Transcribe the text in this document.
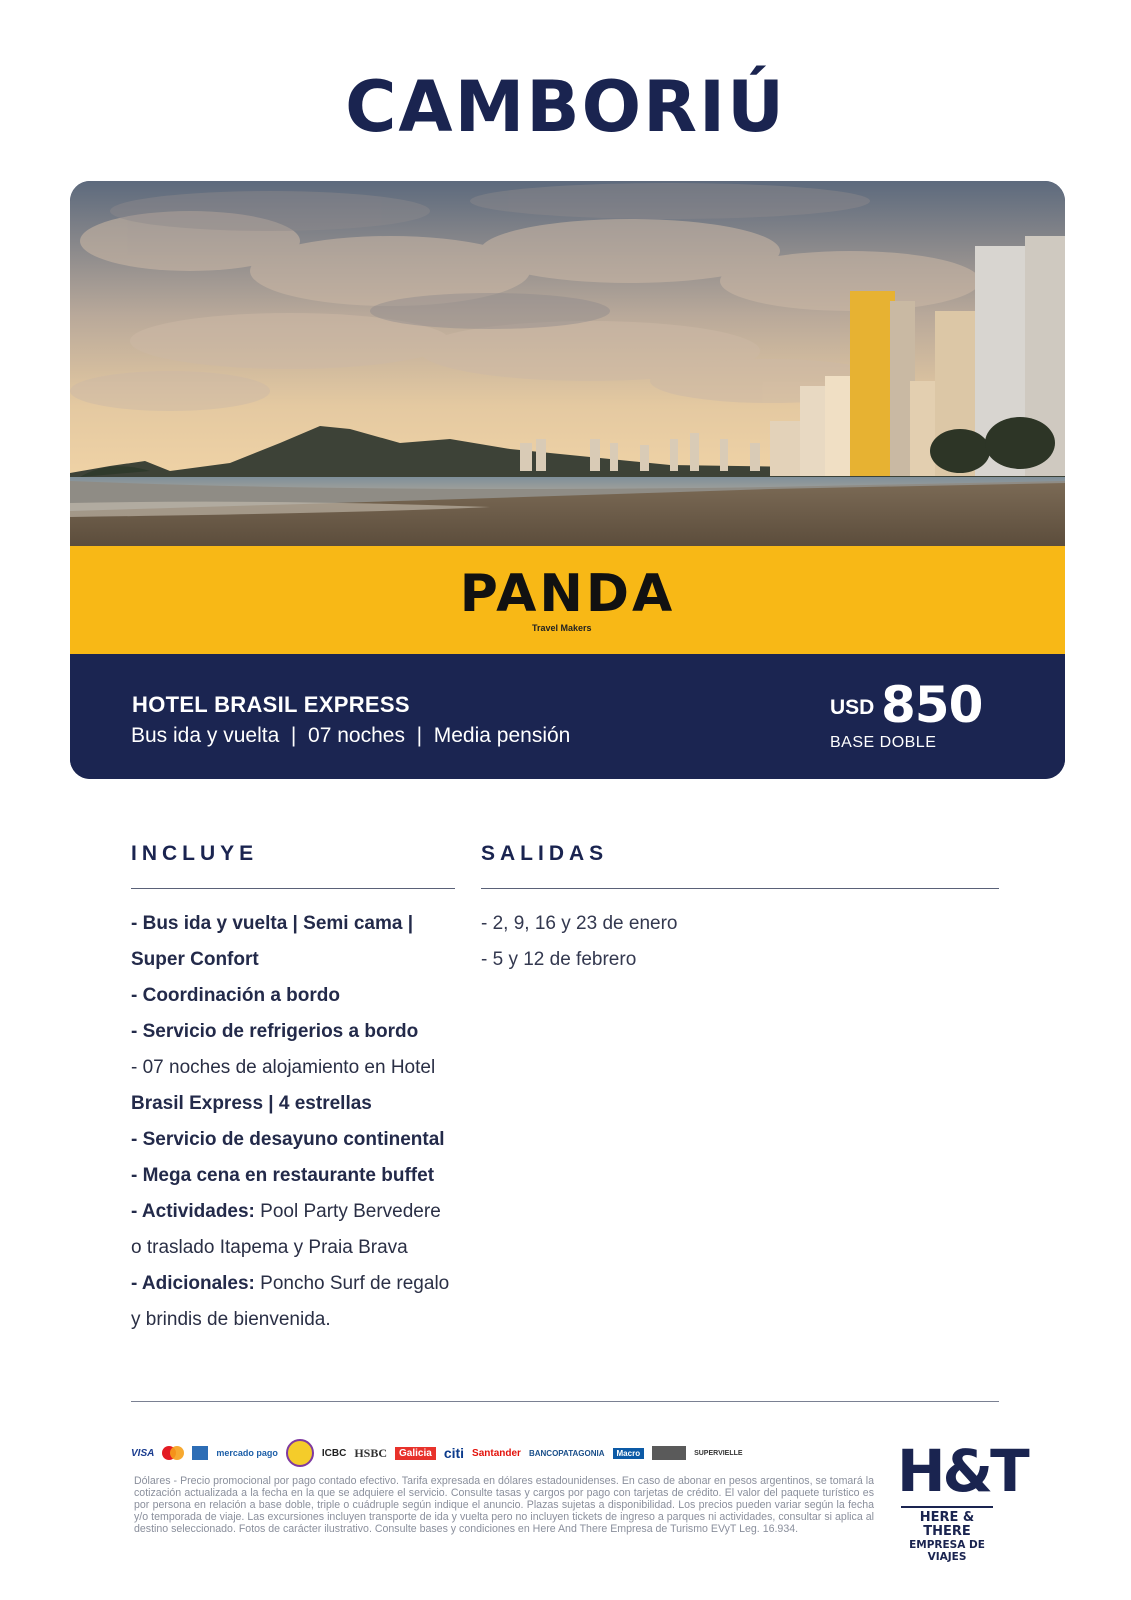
CAMBORIÚ
PANDA
Travel Makers
HOTEL BRASIL EXPRESS
Bus ida y vuelta  |  07 noches  |  Media pensión
USD 850
BASE DOBLE
INCLUYE	SALIDAS
- Bus ida y vuelta | Semi cama |
Super Confort
- Coordinación a bordo
- Servicio de refrigerios a bordo
- 07 noches de alojamiento en Hotel
Brasil Express | 4 estrellas
- Servicio de desayuno continental
- Mega cena en restaurante buffet
- Actividades: Pool Party Bervedere
o traslado Itapema y Praia Brava
- Adicionales: Poncho Surf de regalo
y brindis de bienvenida.
- 2, 9, 16 y 23 de enero
- 5 y 12 de febrero
VISA	mercado pago	ICBC HSBC	Galicia citi Santander BANCOPATAGONIA	Macro	SUPERVIELLE
Dólares - Precio promocional por pago contado efectivo. Tarifa expresada en dólares estadounidenses. En caso de abonar en pesos argentinos, se tomará la cotización actualizada a la fecha en la que se adquiere el servicio. Consulte tasas y cargos por pago con tarjetas de crédito. El valor del paquete turístico es por persona en relación a base doble, triple o cuádruple según indique el anuncio. Plazas sujetas a disponibilidad. Los precios pueden variar según la fecha y/o temporada de viaje. Las excursiones incluyen transporte de ida y vuelta pero no incluyen tickets de ingreso a parques ni actividades, consultar si aplica al destino seleccionado. Fotos de carácter ilustrativo. Consulte bases y condiciones en Here And There Empresa de Turismo EVyT Leg. 16.934.
H&T
HERE & THERE
EMPRESA DE VIAJES
